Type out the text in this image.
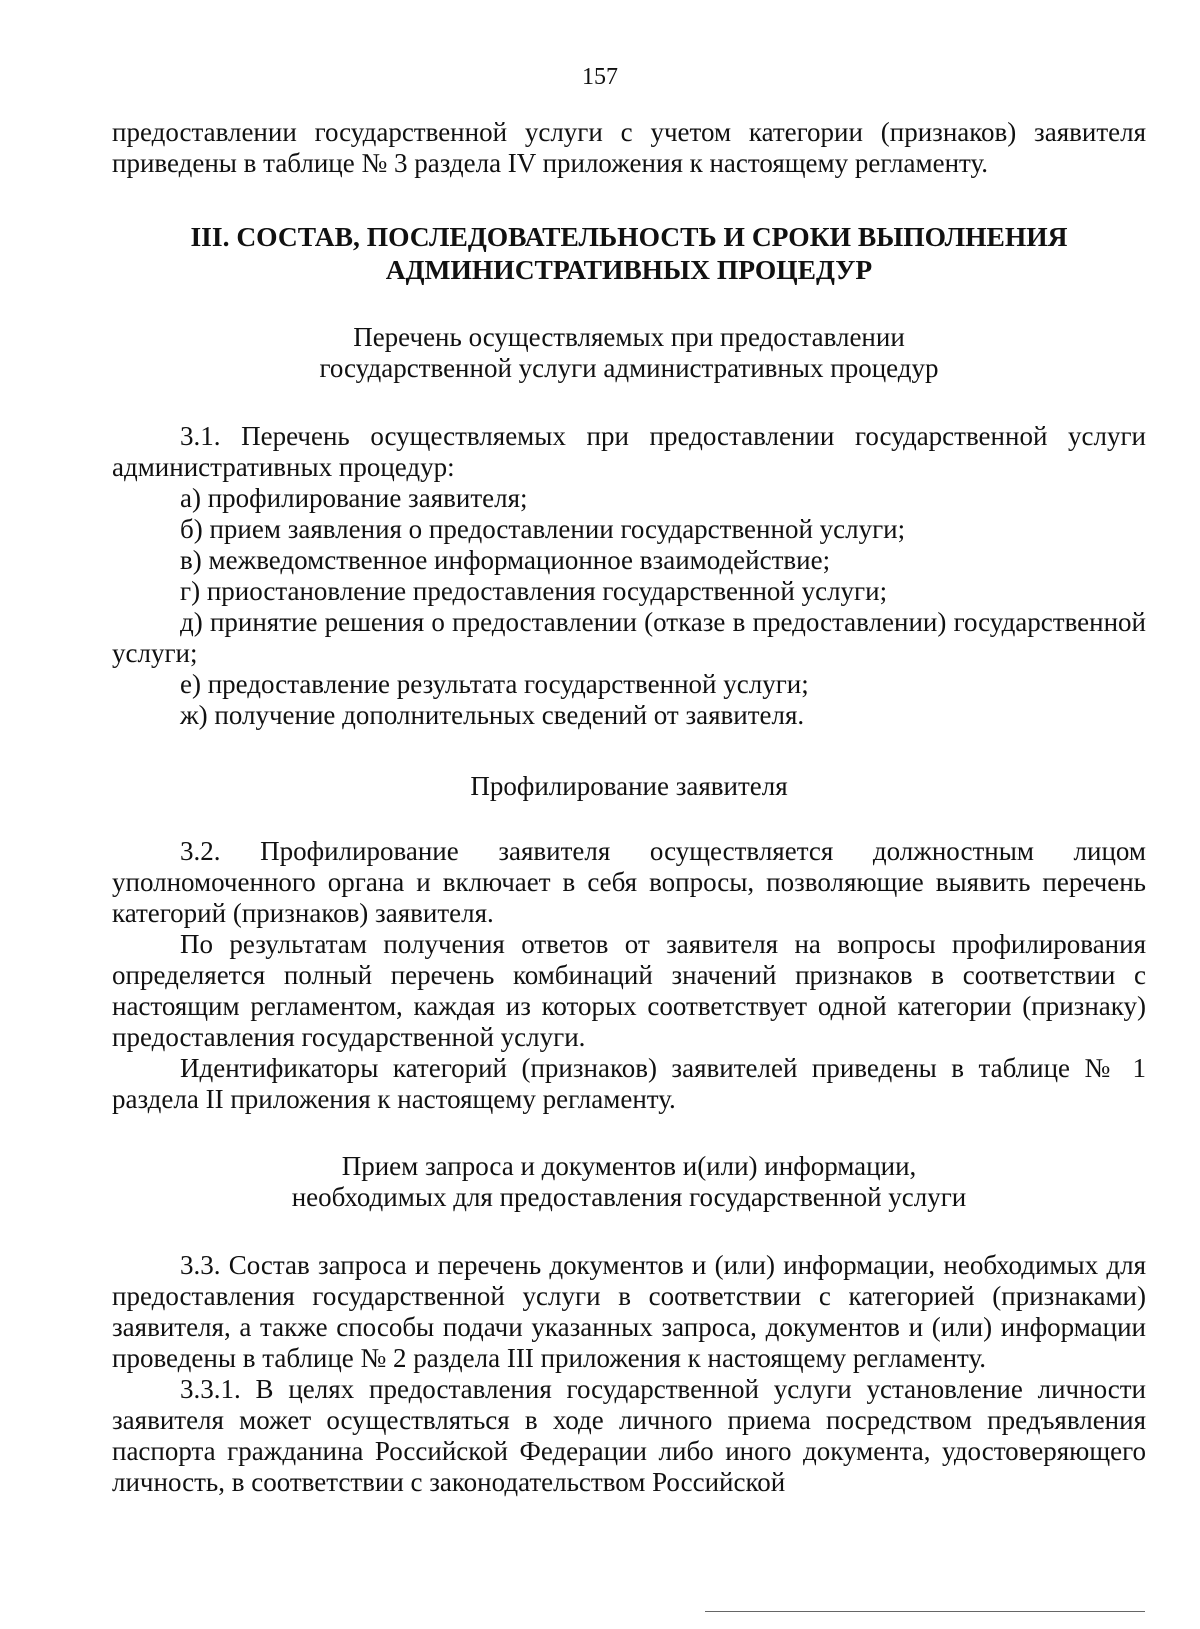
157

предоставлении государственной услуги с учетом категории (признаков) заявителя приведены в таблице № 3 раздела IV приложения к настоящему регламенту.

III. СОСТАВ, ПОСЛЕДОВАТЕЛЬНОСТЬ И СРОКИ ВЫПОЛНЕНИЯ
АДМИНИСТРАТИВНЫХ ПРОЦЕДУР
Перечень осуществляемых при предоставлении
государственной услуги административных процедур

3.1. Перечень осуществляемых при предоставлении государственной услуги административных процедур:

а) профилирование заявителя;

б) прием заявления о предоставлении государственной услуги;

в) межведомственное информационное взаимодействие;

г) приостановление предоставления государственной услуги;

д) принятие решения о предоставлении (отказе в предоставлении) государственной услуги;

е) предоставление результата государственной услуги;

ж) получение дополнительных сведений от заявителя.

Профилирование заявителя

3.2. Профилирование заявителя осуществляется должностным лицом уполномоченного органа и включает в себя вопросы, позволяющие выявить перечень категорий (признаков) заявителя.

По результатам получения ответов от заявителя на вопросы профилирования определяется полный перечень комбинаций значений признаков в соответствии с настоящим регламентом, каждая из которых соответствует одной категории (признаку) предоставления государственной услуги.

Идентификаторы категорий (признаков) заявителей приведены в таблице № 1 раздела II приложения к настоящему регламенту.

Прием запроса и документов и(или) информации,
необходимых для предоставления государственной услуги

3.3. Состав запроса и перечень документов и (или) информации, необходимых для предоставления государственной услуги в соответствии с категорией (признаками) заявителя, а также способы подачи указанных запроса, документов и (или) информации проведены в таблице № 2 раздела III приложения к настоящему регламенту.

3.3.1. В целях предоставления государственной услуги установление личности заявителя может осуществляться в ходе личного приема посредством предъявления паспорта гражданина Российской Федерации либо иного документа, удостоверяющего личность, в соответствии с законодательством Российской
